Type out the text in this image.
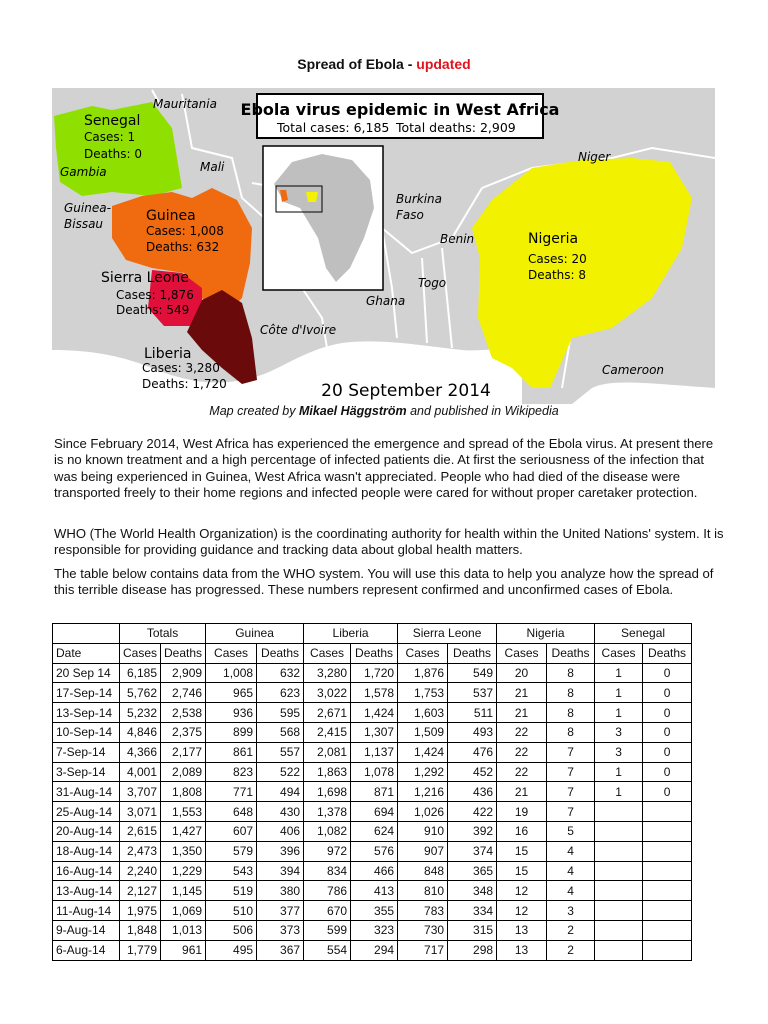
Spread of Ebola - updated
Ebola virus epidemic in West Africa
Total cases: 6,185 Total deaths: 2,909
Senegal
Cases: 1
Deaths: 0
Guinea
Cases: 1,008
Deaths: 632
Sierra Leone
Cases: 1,876
Deaths: 549
Liberia
Cases: 3,280
Deaths: 1,720
Nigeria
Cases: 20
Deaths: 8
Mauritania
Gambia	Mali
Guinea-
Bissau
Burkina
Faso
Niger
Benin
Togo
Ghana
Côte d'Ivoire
Cameroon
20 September 2014
Map created by Mikael Häggström and published in Wikipedia
Since February 2014, West Africa has experienced the emergence and spread of the Ebola virus. At present there is no known treatment and a high percentage of infected patients die. At first the seriousness of the infection that was being experienced in Guinea, West Africa wasn't appreciated. People who had died of the disease were transported freely to their home regions and infected people were cared for without proper caretaker protection.
WHO (The World Health Organization) is the coordinating authority for health within the United Nations' system. It is responsible for providing guidance and tracking data about global health matters.
The table below contains data from the WHO system. You will use this data to help you analyze how the spread of this terrible disease has progressed. These numbers represent confirmed and unconfirmed cases of Ebola.
	Totals		Guinea		Liberia		Sierra Leone		Nigeria		Senegal	
Date	Cases	Deaths	Cases	Deaths	Cases	Deaths	Cases	Deaths	Cases	Deaths	Cases	Deaths
20 Sep 14	6,185	2,909	1,008	632	3,280	1,720	1,876	549	20	8	1	0
17-Sep-14	5,762	2,746	965	623	3,022	1,578	1,753	537	21	8	1	0
13-Sep-14	5,232	2,538	936	595	2,671	1,424	1,603	511	21	8	1	0
10-Sep-14	4,846	2,375	899	568	2,415	1,307	1,509	493	22	8	3	0
7-Sep-14	4,366	2,177	861	557	2,081	1,137	1,424	476	22	7	3	0
3-Sep-14	4,001	2,089	823	522	1,863	1,078	1,292	452	22	7	1	0
31-Aug-14	3,707	1,808	771	494	1,698	871	1,216	436	21	7	1	0
25-Aug-14	3,071	1,553	648	430	1,378	694	1,026	422	19	7		
20-Aug-14	2,615	1,427	607	406	1,082	624	910	392	16	5		
18-Aug-14	2,473	1,350	579	396	972	576	907	374	15	4		
16-Aug-14	2,240	1,229	543	394	834	466	848	365	15	4		
13-Aug-14	2,127	1,145	519	380	786	413	810	348	12	4		
11-Aug-14	1,975	1,069	510	377	670	355	783	334	12	3		
9-Aug-14	1,848	1,013	506	373	599	323	730	315	13	2		
6-Aug-14	1,779	961	495	367	554	294	717	298	13	2		
